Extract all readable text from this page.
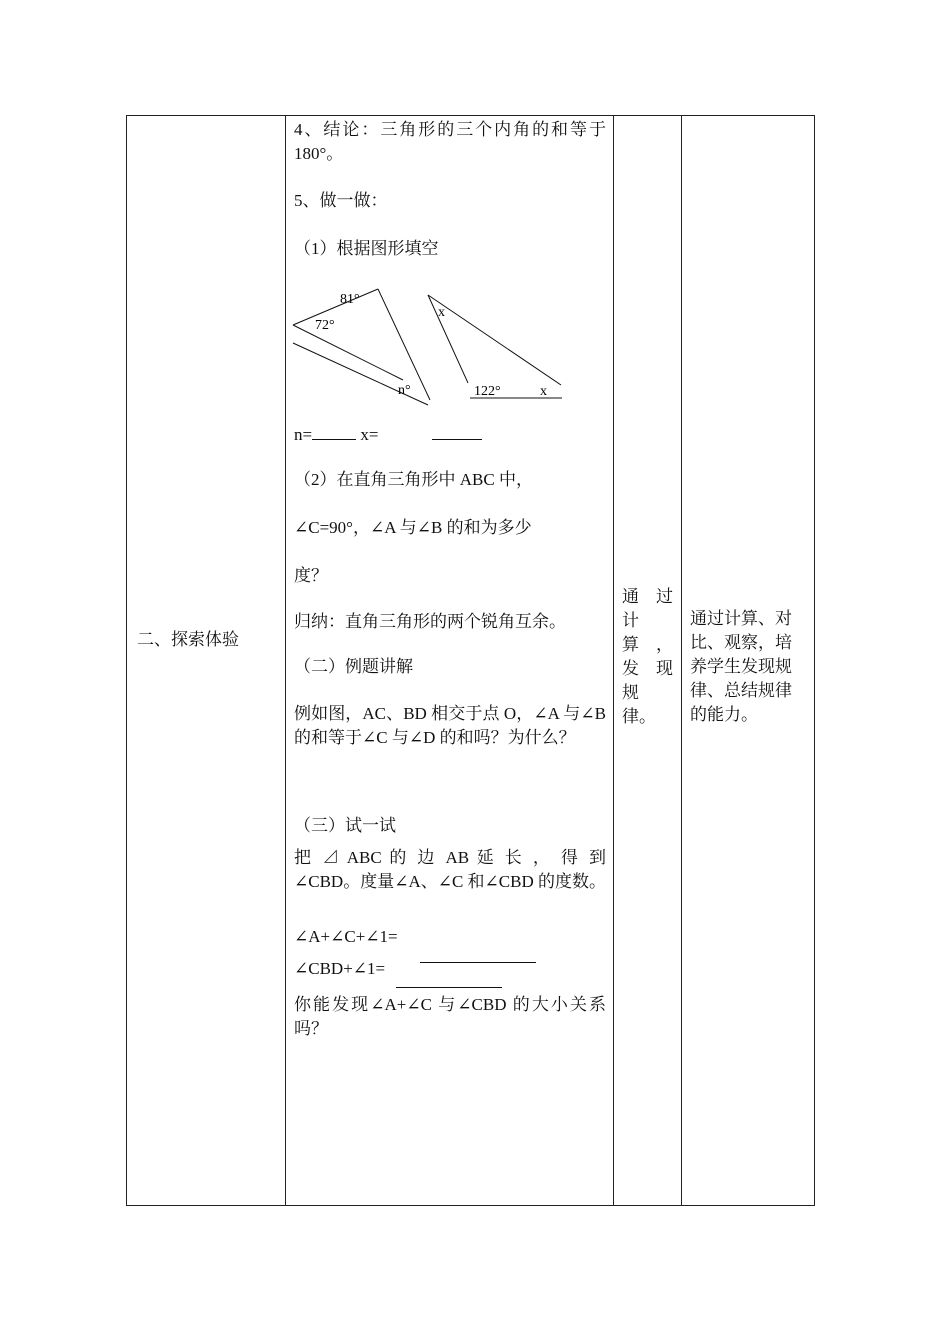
二、探索体验

4、结论：三角形的三个内角的和等于 180°。

5、做一做：

（1）根据图形填空

81°
72°
n°
x
122°	x

n=	x=

（2）在直角三角形中 ABC 中，

∠C=90°，∠A 与∠B 的和为多少

度？

归纳：直角三角形的两个锐角互余。

（二）例题讲解

例如图，AC、BD 相交于点 O，∠A 与∠B 的和等于∠C 与∠D 的和吗？为什么？

（三）试一试

把 ⊿ ABC 的 边 AB 延 长 ， 得 到 ∠CBD。度量∠A、∠C 和∠CBD 的度数。

∠A+∠C+∠1=

∠CBD+∠1=

你能发现∠A+∠C 与∠CBD 的大小关系吗？

通　过
计
算　，
发　现
规
律。
通过计算、对比、观察，培养学生发现规律、总结规律的能力。
